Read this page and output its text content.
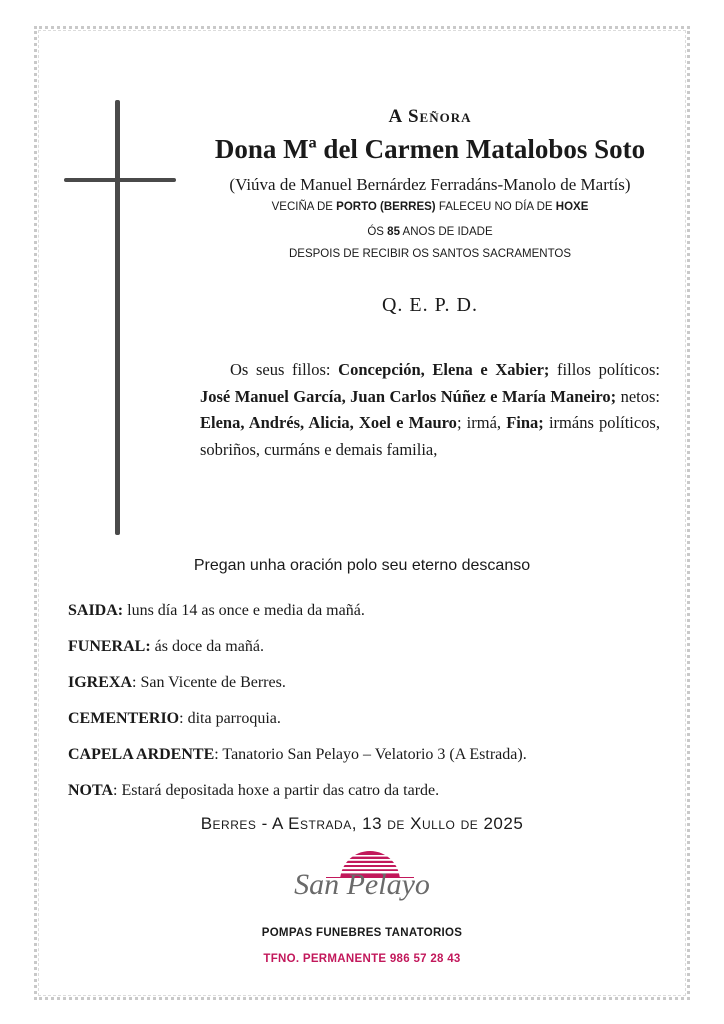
A Señora
Dona Mª del Carmen Matalobos Soto
(Viúva de Manuel Bernárdez Ferradáns-Manolo de Martís)
VECIÑA DE PORTO (BERRES) FALECEU NO DÍA DE HOXE
ÓS 85 ANOS DE IDADE
DESPOIS DE RECIBIR OS SANTOS SACRAMENTOS
Q. E. P. D.
Os seus fillos: Concepción, Elena e Xabier; fillos políticos: José Manuel García, Juan Carlos Núñez e María Maneiro; netos: Elena, Andrés, Alicia, Xoel e Mauro; irmá, Fina; irmáns políticos, sobriños, curmáns e demais familia,
Pregan unha oración polo seu eterno descanso
SAIDA: luns día 14 as once e media da mañá.
FUNERAL: ás doce da mañá.
IGREXA: San Vicente de Berres.
CEMENTERIO: dita parroquia.
CAPELA ARDENTE: Tanatorio San Pelayo – Velatorio 3 (A Estrada).
NOTA: Estará depositada hoxe a partir das catro da tarde.
Berres - A Estrada, 13 de Xullo de 2025
San Pelayo
POMPAS FUNEBRES TANATORIOS
TFNO. PERMANENTE 986 57 28 43
